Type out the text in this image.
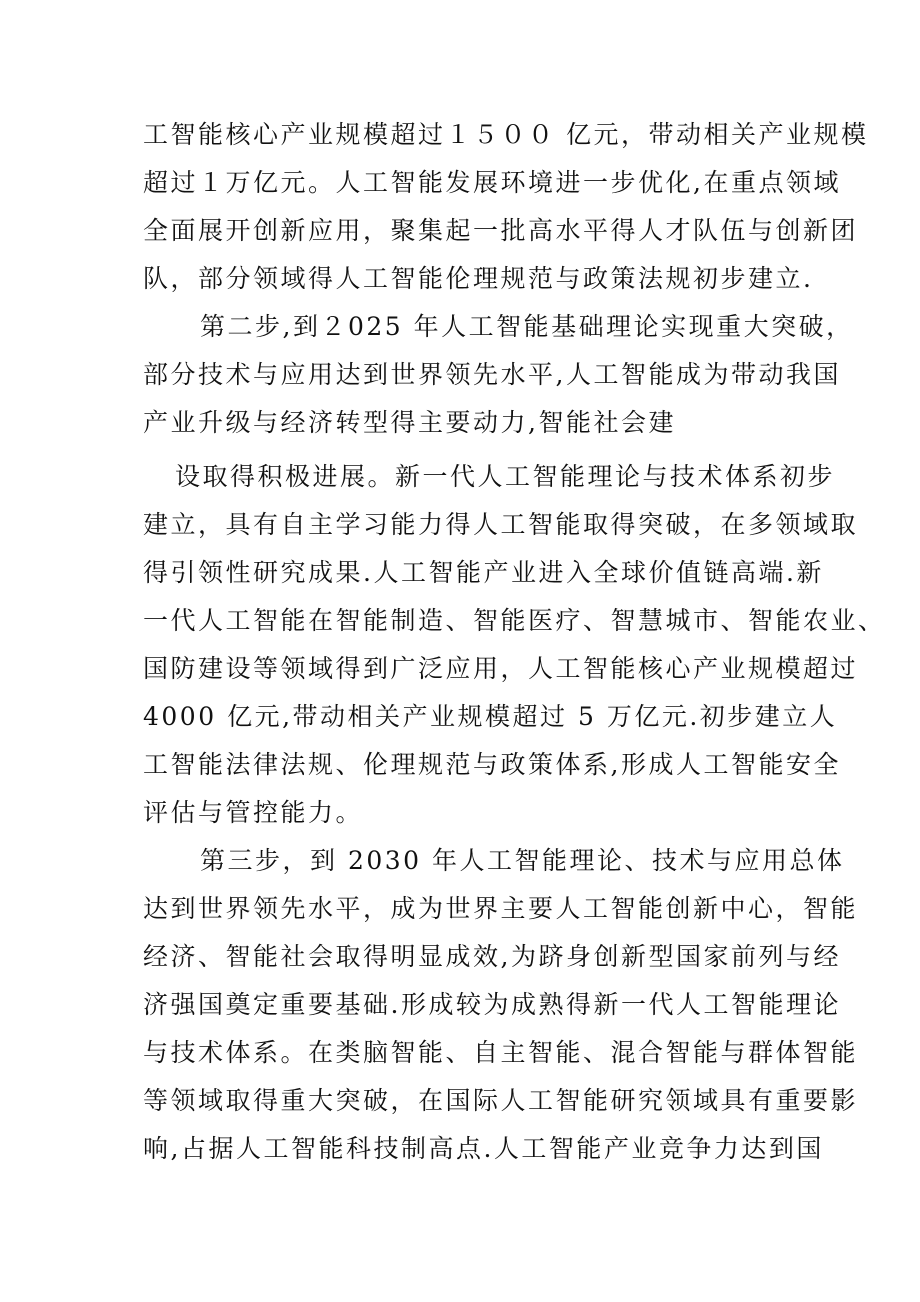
工智能核心产业规模超过１５００ 亿元，带动相关产业规模
超过１万亿元。人工智能发展环境进一步优化,在重点领域
全面展开创新应用，聚集起一批高水平得人才队伍与创新团
队，部分领域得人工智能伦理规范与政策法规初步建立.
第二步,到２025 年人工智能基础理论实现重大突破，
部分技术与应用达到世界领先水平,人工智能成为带动我国
产业升级与经济转型得主要动力,智能社会建
设取得积极进展。新一代人工智能理论与技术体系初步
建立，具有自主学习能力得人工智能取得突破，在多领域取
得引领性研究成果.人工智能产业进入全球价值链高端.新
一代人工智能在智能制造、智能医疗、智慧城市、智能农业、
国防建设等领域得到广泛应用，人工智能核心产业规模超过
4000 亿元,带动相关产业规模超过 5 万亿元.初步建立人
工智能法律法规、伦理规范与政策体系,形成人工智能安全
评估与管控能力。
第三步，到 2030 年人工智能理论、技术与应用总体
达到世界领先水平，成为世界主要人工智能创新中心，智能
经济、智能社会取得明显成效,为跻身创新型国家前列与经
济强国奠定重要基础.形成较为成熟得新一代人工智能理论
与技术体系。在类脑智能、自主智能、混合智能与群体智能
等领域取得重大突破，在国际人工智能研究领域具有重要影
响,占据人工智能科技制高点.人工智能产业竞争力达到国
